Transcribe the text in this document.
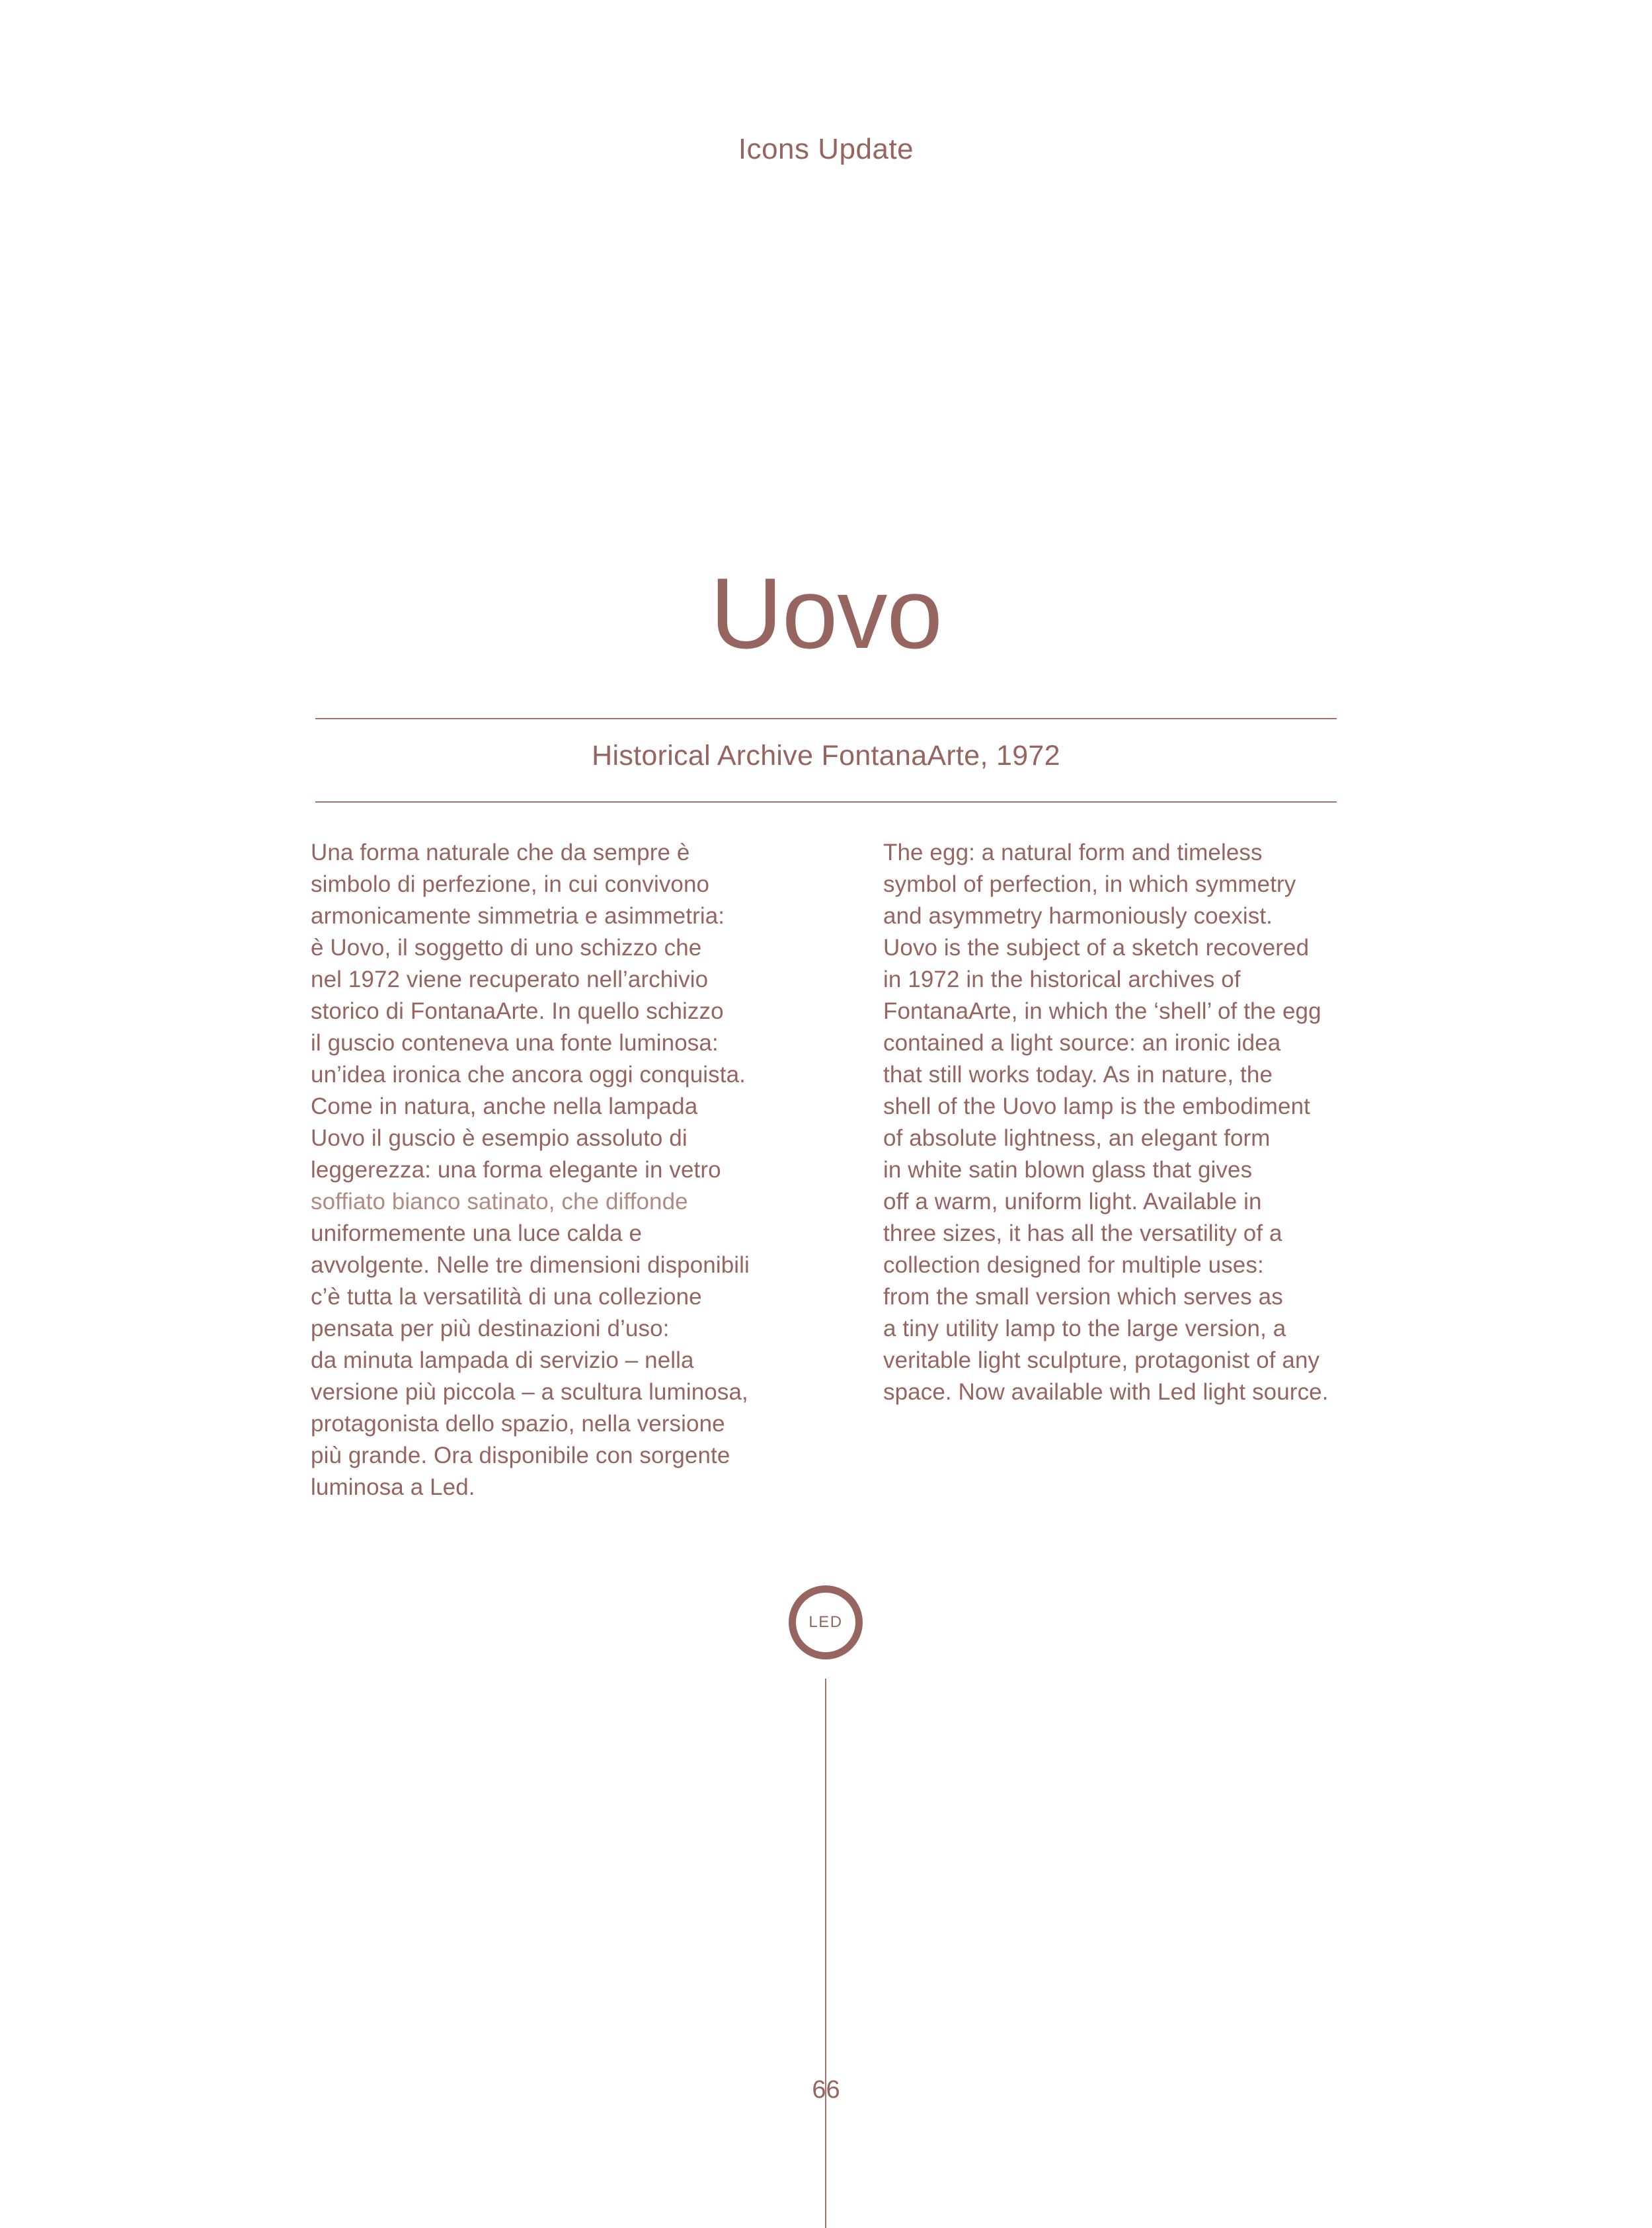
Icons Update
Uovo
Historical Archive FontanaArte, 1972
Una forma naturale che da sempre è
simbolo di perfezione, in cui convivono
armonicamente simmetria e asimmetria:
è Uovo, il soggetto di uno schizzo che
nel 1972 viene recuperato nell’archivio
storico di FontanaArte. In quello schizzo
il guscio conteneva una fonte luminosa:
un’idea ironica che ancora oggi conquista.
Come in natura, anche nella lampada
Uovo il guscio è esempio assoluto di
leggerezza: una forma elegante in vetro
soffiato bianco satinato, che diffonde
uniformemente una luce calda e
avvolgente. Nelle tre dimensioni disponibili
c’è tutta la versatilità di una collezione
pensata per più destinazioni d’uso:
da minuta lampada di servizio – nella
versione più piccola – a scultura luminosa,
protagonista dello spazio, nella versione
più grande. Ora disponibile con sorgente
luminosa a Led.
The egg: a natural form and timeless
symbol of perfection, in which symmetry
and asymmetry harmoniously coexist.
Uovo is the subject of a sketch recovered
in 1972 in the historical archives of
FontanaArte, in which the ‘shell’ of the egg
contained a light source: an ironic idea
that still works today. As in nature, the
shell of the Uovo lamp is the embodiment
of absolute lightness, an elegant form
in white satin blown glass that gives
off a warm, uniform light. Available in
three sizes, it has all the versatility of a
collection designed for multiple uses:
from the small version which serves as
a tiny utility lamp to the large version, a
veritable light sculpture, protagonist of any
space. Now available with Led light source.
LED
66
